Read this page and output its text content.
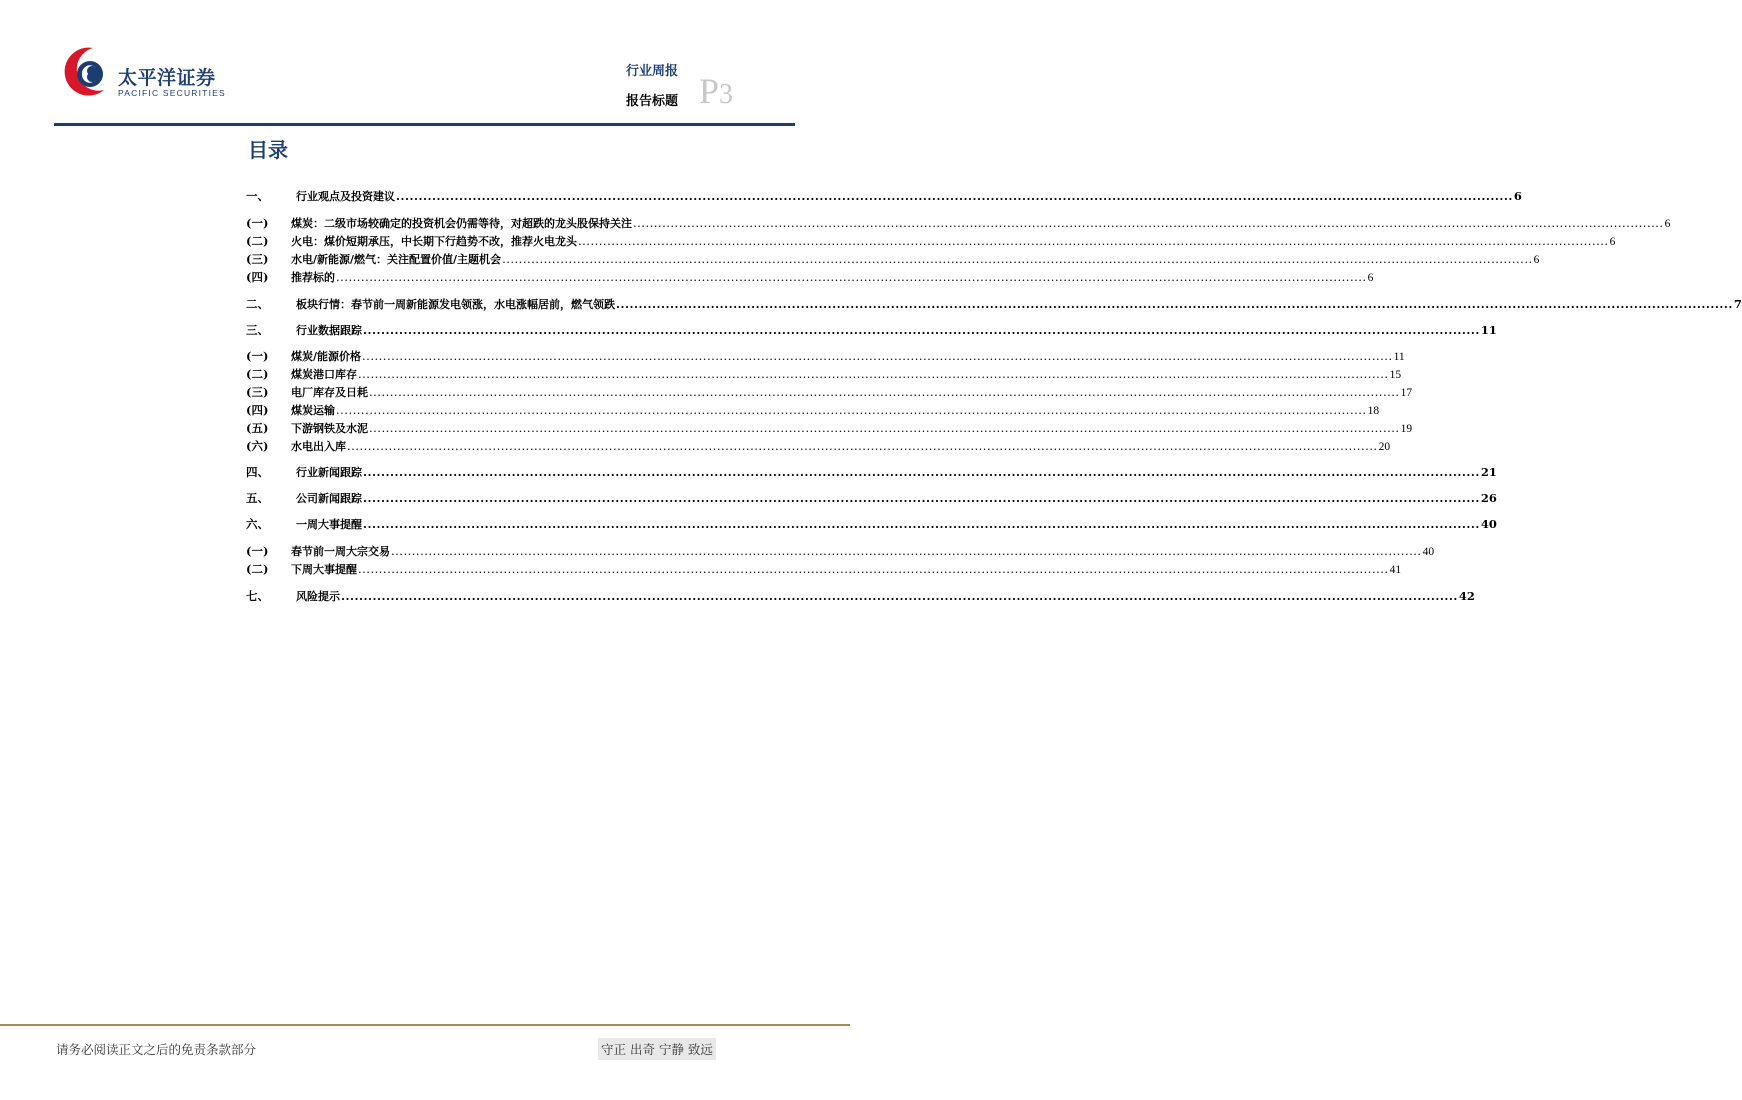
太平洋证券
PACIFIC SECURITIES
行业周报
报告标题 P3
目录
一、	行业观点及投资建议 .....	6
(一)	煤炭：二级市场较确定的投资机会仍需等待，对超跌的龙头股保持关注 .....	6
(二)	火电：煤价短期承压，中长期下行趋势不改，推荐火电龙头 .....	6
(三)	水电/新能源/燃气：关注配置价值/主题机会 .....	6
(四)	推荐标的 .....	6
二、	板块行情：春节前一周新能源发电领涨，水电涨幅居前，燃气领跌 .....	7
三、	行业数据跟踪 .....	11
(一)	煤炭/能源价格 .....	11
(二)	煤炭港口库存 .....	15
(三)	电厂库存及日耗 .....	17
(四)	煤炭运输 .....	18
(五)	下游钢铁及水泥 .....	19
(六)	水电出入库 .....	20
四、	行业新闻跟踪 .....	21
五、	公司新闻跟踪 .....	26
六、	一周大事提醒 .....	40
(一)	春节前一周大宗交易 .....	40
(二)	下周大事提醒 .....	41
七、	风险提示 .....	42
请务必阅读正文之后的免责条款部分	守正 出奇 宁静 致远
